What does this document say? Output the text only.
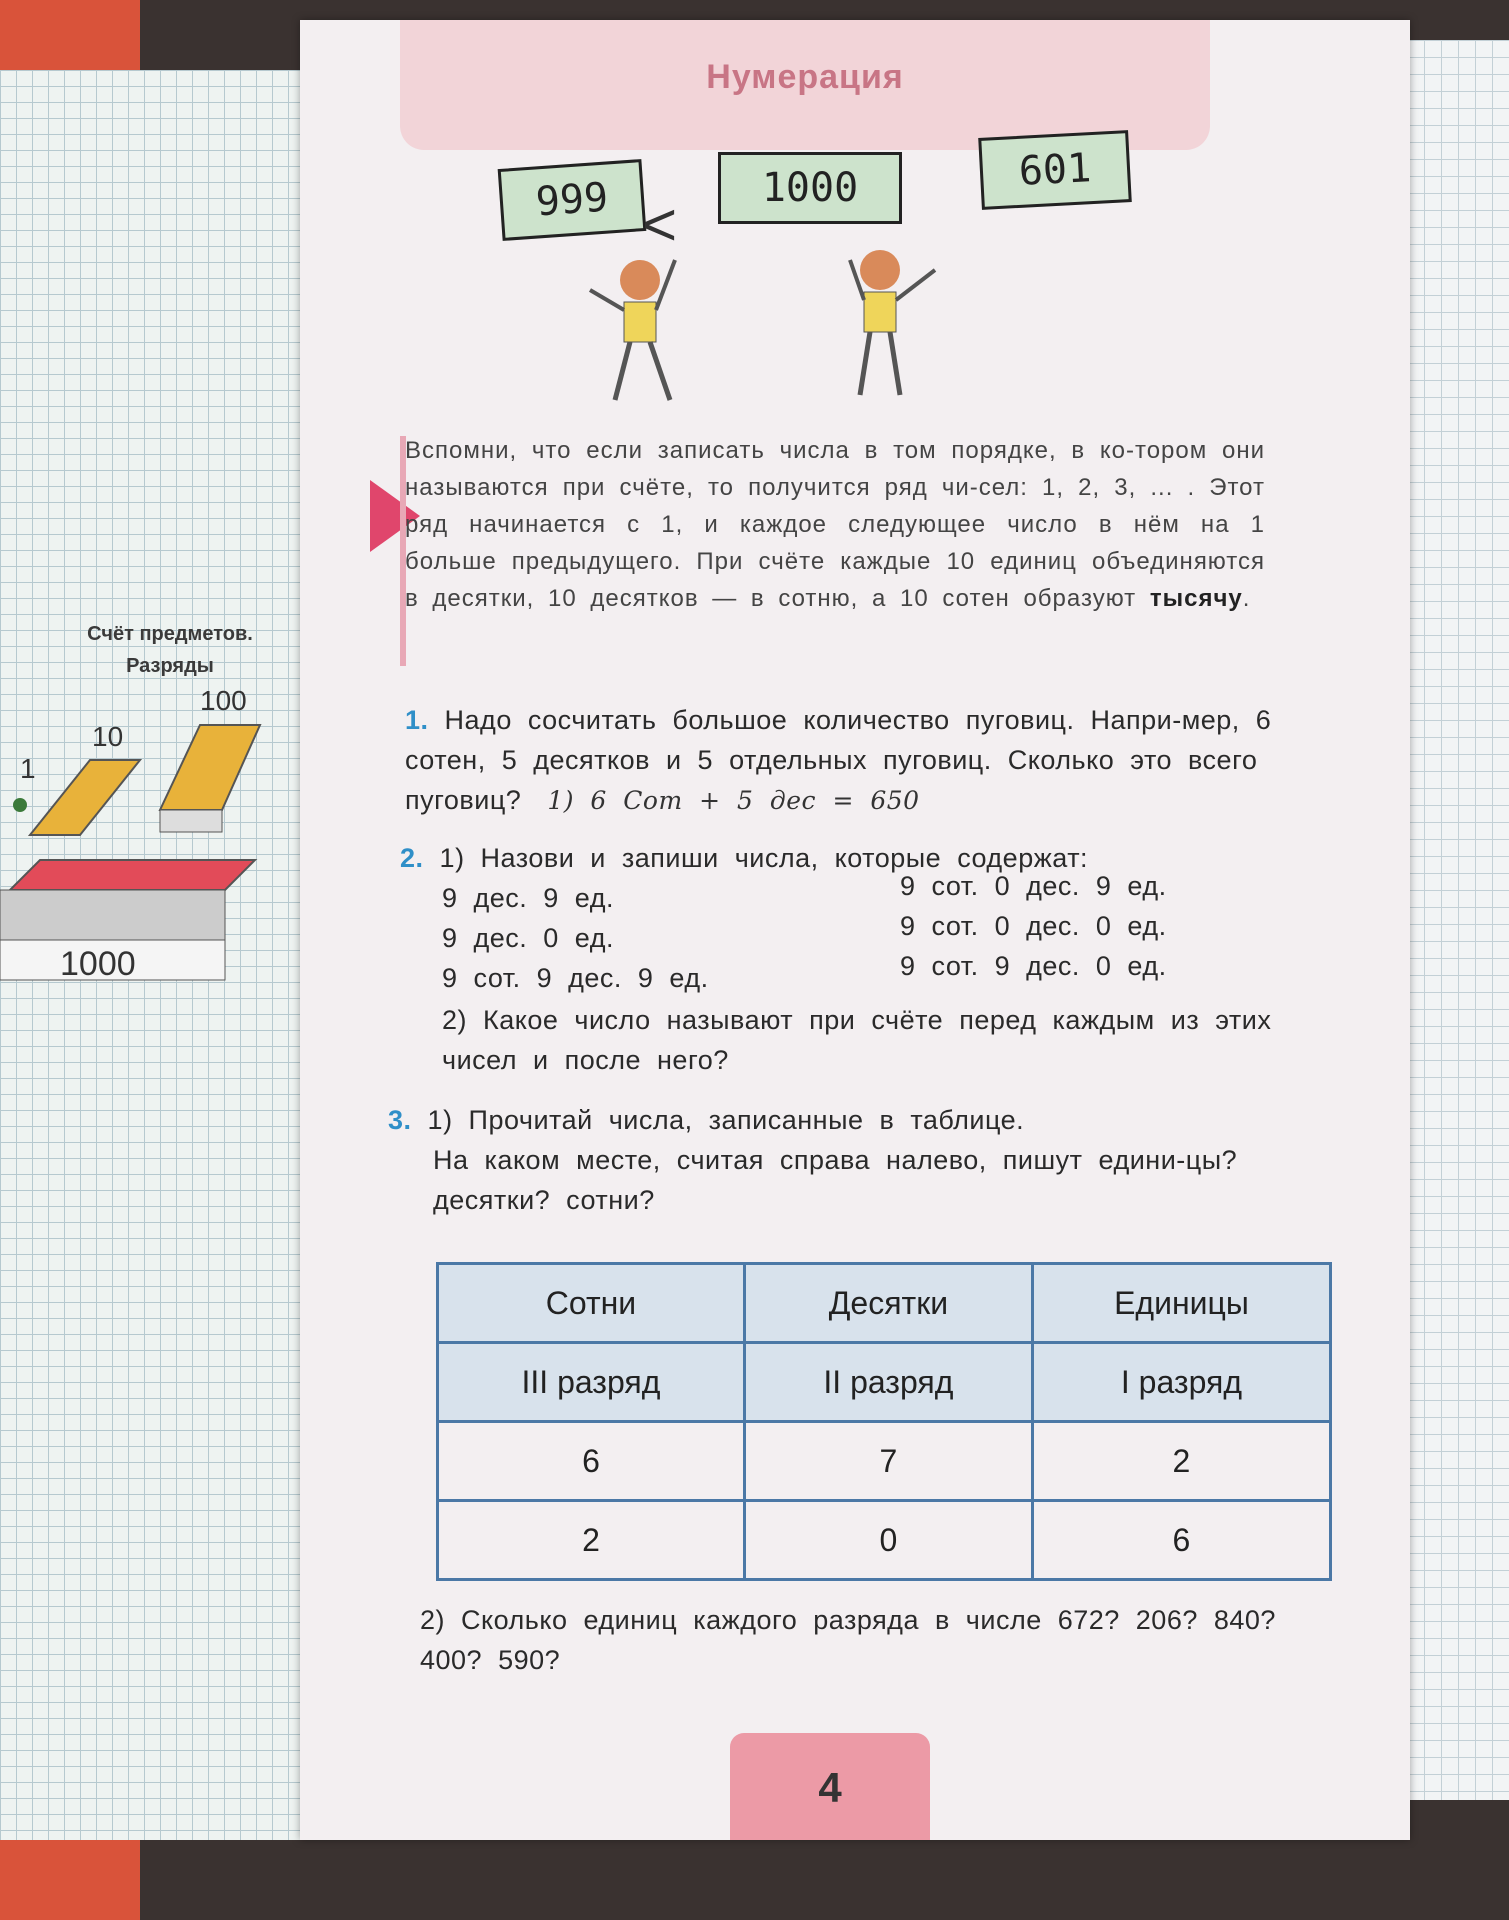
Счёт предметов.
Разряды
1
10
100
1000
Нумерация
999 <
1000	601
Вспомни, что если записать числа в том порядке, в ко-тором они называются при счёте, то получится ряд чи-сел: 1, 2, 3, ... . Этот ряд начинается с 1, и каждое следующее число в нём на 1 больше предыдущего. При счёте каждые 10 единиц объединяются в десятки, 10 десятков — в сотню, а 10 сотен образуют тысячу.
1. Надо сосчитать большое количество пуговиц. Напри-мер, 6 сотен, 5 десятков и 5 отдельных пуговиц. Сколько это всего пуговиц? 1) 6 Сот + 5 дес = 650
2. 1) Назови и запиши числа, которые содержат:
9 дес. 9 ед.
9 дес. 0 ед.
9 сот. 9 дес. 9 ед.
9 сот. 0 дес. 9 ед.
9 сот. 0 дес. 0 ед.
9 сот. 9 дес. 0 ед.
2) Какое число называют при счёте перед каждым из этих чисел и после него?
3. 1) Прочитай числа, записанные в таблице.
На каком месте, считая справа налево, пишут едини-цы? десятки? сотни?
Сотни	Десятки	Единицы
III разряд	II разряд	I разряд
6	7	2
2	0	6
2) Сколько единиц каждого разряда в числе 672? 206? 840? 400? 590?
4
